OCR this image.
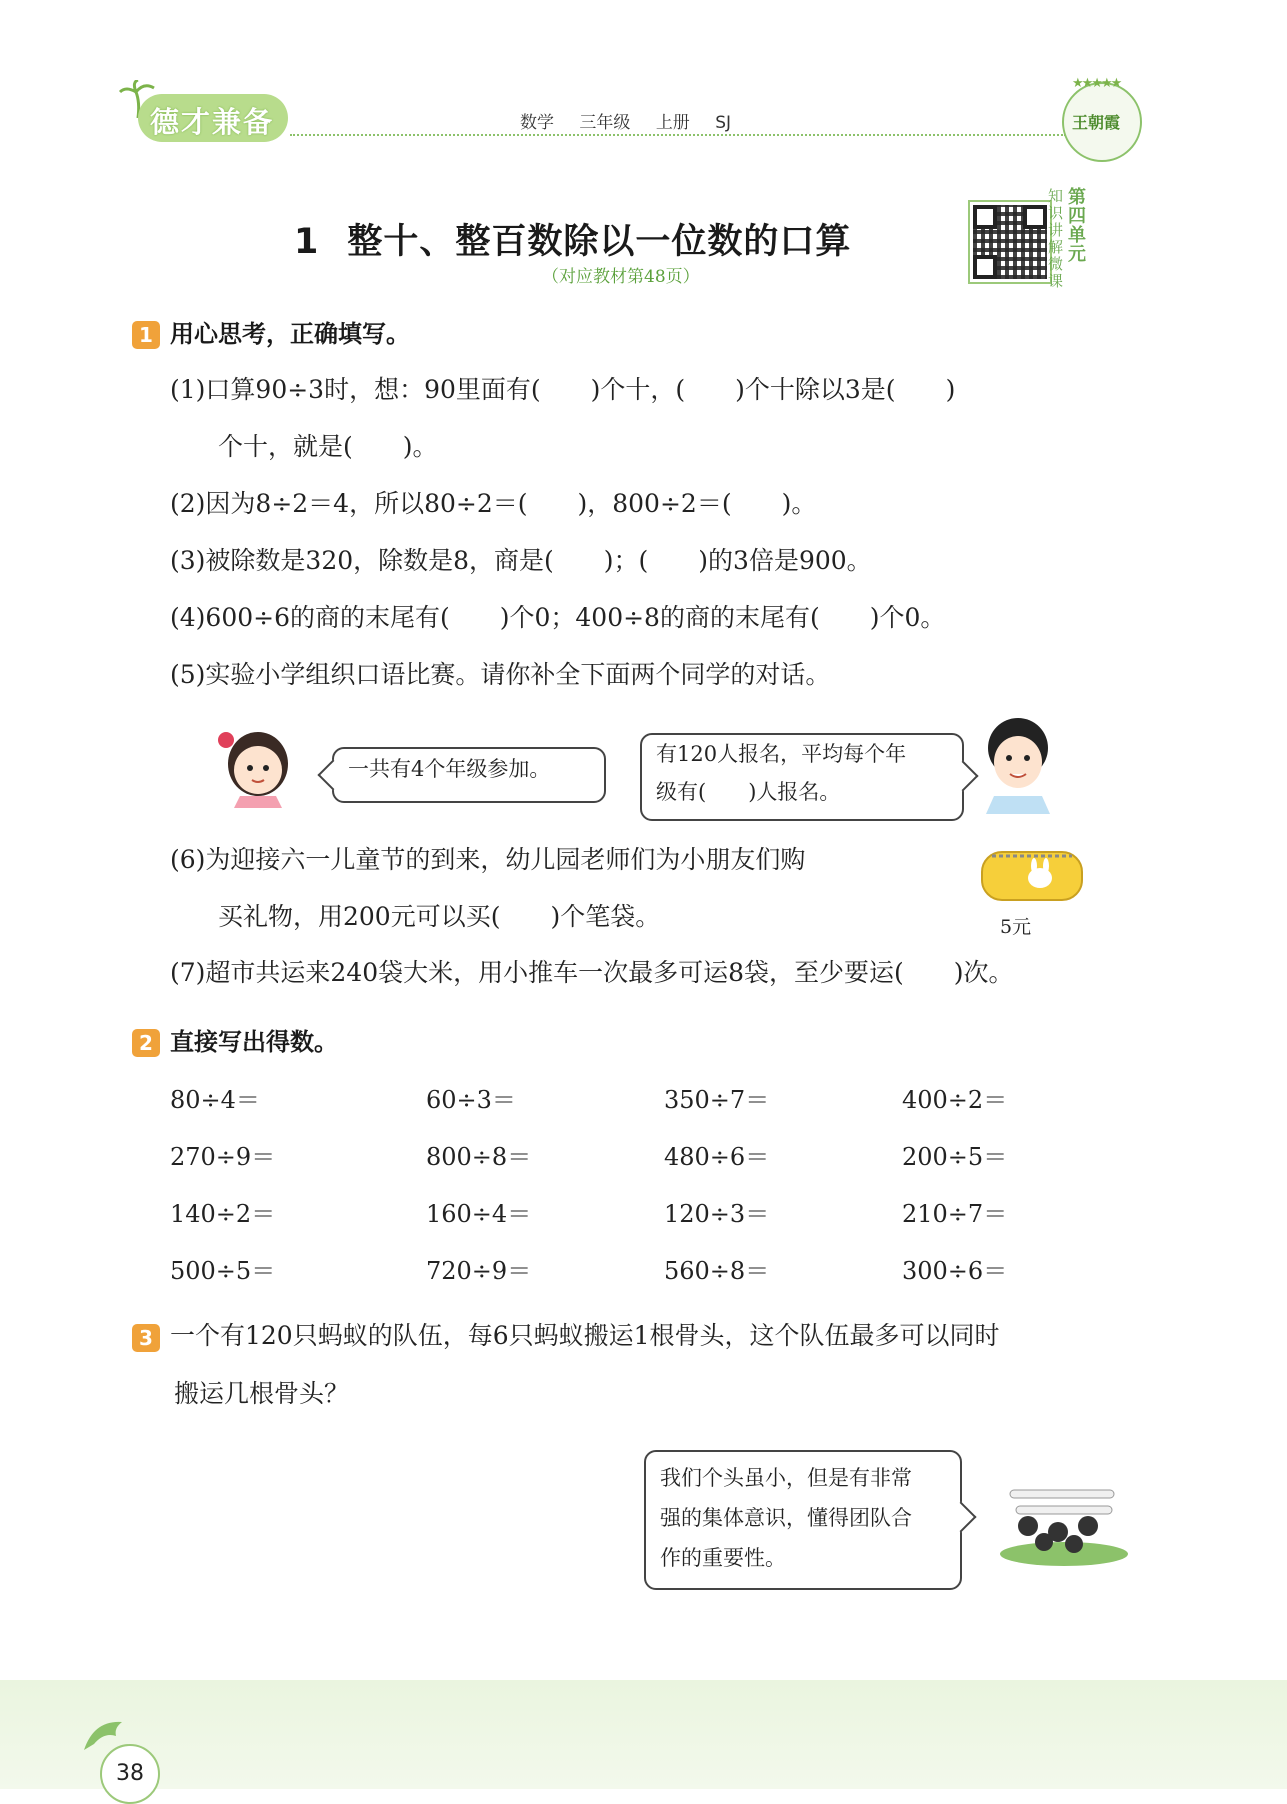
德才兼备	数学 三年级 上册 SJ
★★★★★
王朝霞
1 整十、整百数除以一位数的口算
（对应教材第48页）
知识讲解微课
第四单元
1 用心思考，正确填写。
(1)口算90÷3时，想：90里面有(　　)个十，(　　)个十除以3是(　　)
个十，就是(　　)。
(2)因为8÷2＝4，所以80÷2＝(　　)，800÷2＝(　　)。
(3)被除数是320，除数是8，商是(　　)；(　　)的3倍是900。
(4)600÷6的商的末尾有(　　)个0；400÷8的商的末尾有(　　)个0。
(5)实验小学组织口语比赛。请你补全下面两个同学的对话。
一共有4个年级参加。
有120人报名，平均每个年
级有(　　)人报名。
(6)为迎接六一儿童节的到来，幼儿园老师们为小朋友们购
买礼物，用200元可以买(　　)个笔袋。	5元
(7)超市共运来240袋大米，用小推车一次最多可运8袋，至少要运(　　)次。
2 直接写出得数。
80÷4＝	60÷3＝	350÷7＝	400÷2＝
270÷9＝	800÷8＝	480÷6＝	200÷5＝
140÷2＝	160÷4＝	120÷3＝	210÷7＝
500÷5＝	720÷9＝	560÷8＝	300÷6＝
3 一个有120只蚂蚁的队伍，每6只蚂蚁搬运1根骨头，这个队伍最多可以同时
搬运几根骨头？
我们个头虽小，但是有非常
强的集体意识，懂得团队合
作的重要性。
38
